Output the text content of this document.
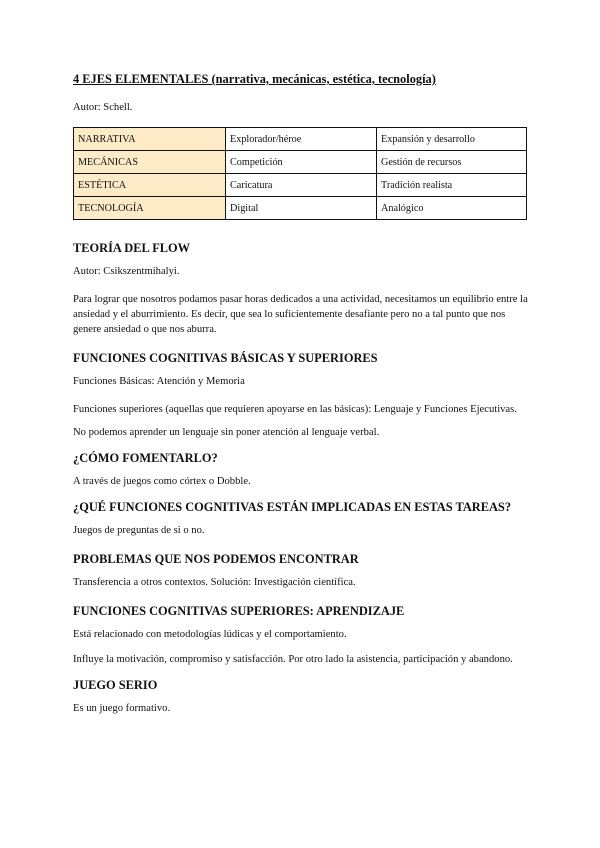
4 EJES ELEMENTALES (narrativa, mecánicas, estética, tecnología)

Autor: Schell.

NARRATIVA	Explorador/héroe	Expansión y desarrollo
MECÁNICAS	Competición	Gestión de recursos
ESTÉTICA	Caricatura	Tradición realista
TECNOLOGÍA	Digital	Analógico
TEORÍA DEL FLOW

Autor: Csikszentmihalyi.

Para lograr que nosotros podamos pasar horas dedicados a una actividad, necesitamos un equilibrio entre la ansiedad y el aburrimiento. Es decir, que sea lo suficientemente desafiante pero no a tal punto que nos genere ansiedad o que nos aburra.

FUNCIONES COGNITIVAS BÁSICAS Y SUPERIORES

Funciones Básicas: Atención y Memoria

Funciones superiores (aquellas que requieren apoyarse en las básicas): Lenguaje y Funciones Ejecutivas.

No podemos aprender un lenguaje sin poner atención al lenguaje verbal.

¿CÓMO FOMENTARLO?

A través de juegos como córtex o Dobble.

¿QUÉ FUNCIONES COGNITIVAS ESTÁN IMPLICADAS EN ESTAS TAREAS?

Juegos de preguntas de si o no.

PROBLEMAS QUE NOS PODEMOS ENCONTRAR

Transferencia a otros contextos. Solución: Investigación científica.

FUNCIONES COGNITIVAS SUPERIORES: APRENDIZAJE

Está relacionado con metodologías lúdicas y el comportamiento.

Influye la motivación, compromiso y satisfacción. Por otro lado la asistencia, participación y abandono.

JUEGO SERIO

Es un juego formativo.
